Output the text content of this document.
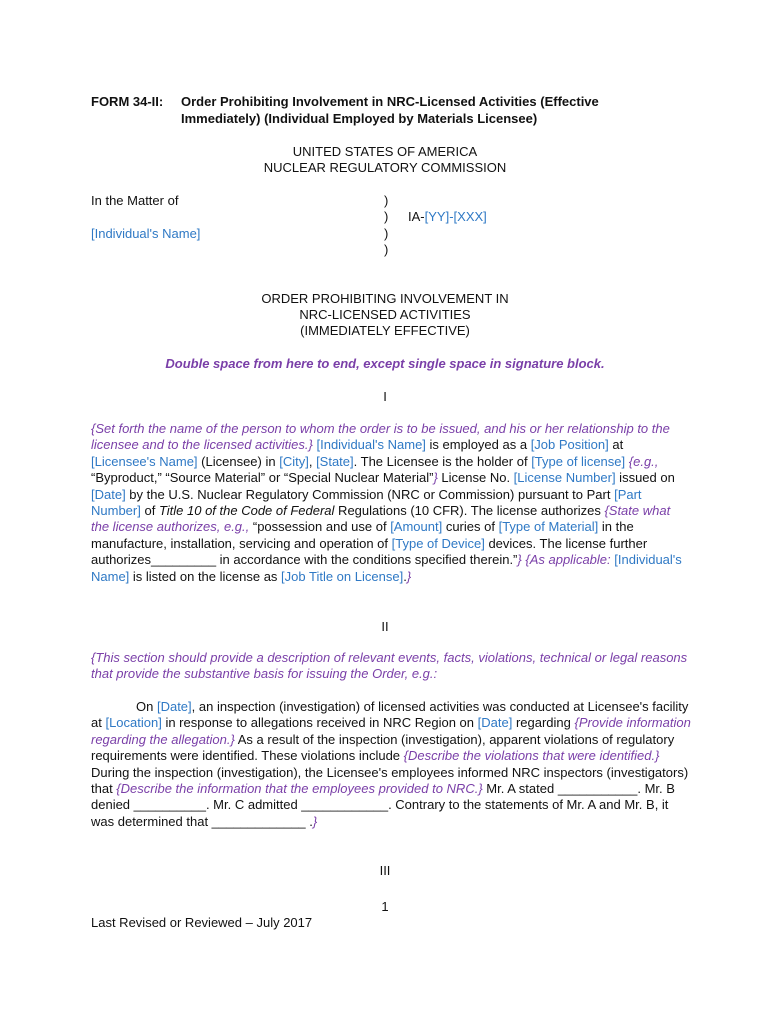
FORM 34-II: Order Prohibiting Involvement in NRC-Licensed Activities (Effective
Immediately) (Individual Employed by Materials Licensee)
UNITED STATES OF AMERICA
NUCLEAR REGULATORY COMMISSION
In the Matter of
[Individual's Name]
)
)
)
)
IA-[YY]-[XXX]
ORDER PROHIBITING INVOLVEMENT IN
NRC-LICENSED ACTIVITIES
(IMMEDIATELY EFFECTIVE)
Double space from here to end, except single space in signature block.
I
{Set forth the name of the person to whom the order is to be issued, and his or her relationship to the licensee and to the licensed activities.} [Individual's Name] is employed as a [Job Position] at [Licensee's Name] (Licensee) in [City], [State]. The Licensee is the holder of [Type of license] {e.g., “Byproduct,” “Source Material” or “Special Nuclear Material”} License No. [License Number] issued on [Date] by the U.S. Nuclear Regulatory Commission (NRC or Commission) pursuant to Part [Part Number] of Title 10 of the Code of Federal Regulations (10 CFR). The license authorizes {State what the license authorizes, e.g., “possession and use of [Amount] curies of [Type of Material] in the manufacture, installation, servicing and operation of [Type of Device] devices. The license further authorizes_________ in accordance with the conditions specified therein.”} {As applicable: [Individual's Name] is listed on the license as [Job Title on License].}
II
{This section should provide a description of relevant events, facts, violations, technical or legal reasons that provide the substantive basis for issuing the Order, e.g.:
On [Date], an inspection (investigation) of licensed activities was conducted at Licensee's facility at [Location] in response to allegations received in NRC Region on [Date] regarding {Provide information regarding the allegation.} As a result of the inspection (investigation), apparent violations of regulatory requirements were identified. These violations include {Describe the violations that were identified.} During the inspection (investigation), the Licensee's employees informed NRC inspectors (investigators) that {Describe the information that the employees provided to NRC.} Mr. A stated ___________. Mr. B denied __________. Mr. C admitted ____________. Contrary to the statements of Mr. A and Mr. B, it was determined that _____________ .}
III
1
Last Revised or Reviewed – July 2017
